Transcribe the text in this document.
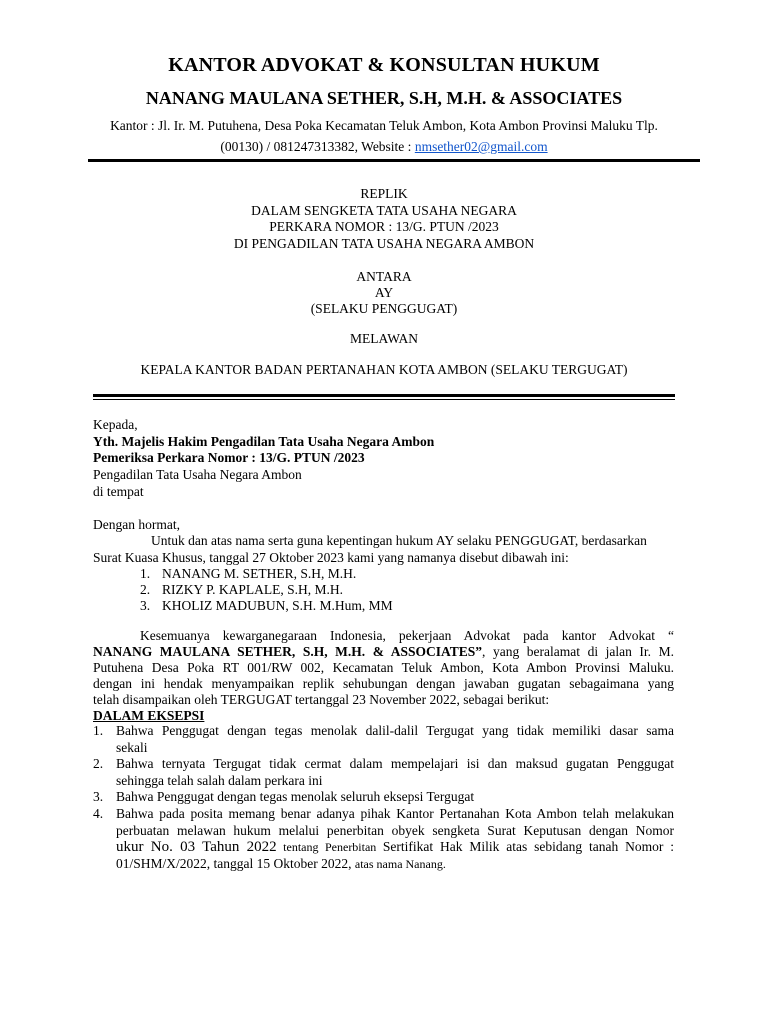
KANTOR ADVOKAT & KONSULTAN HUKUM
NANANG MAULANA SETHER, S.H, M.H. & ASSOCIATES
Kantor : Jl. Ir. M. Putuhena, Desa Poka Kecamatan Teluk Ambon, Kota Ambon Provinsi Maluku Tlp.
(00130) / 081247313382, Website : nmsether02@gmail.com
REPLIK
DALAM SENGKETA TATA USAHA NEGARA
PERKARA NOMOR : 13/G. PTUN /2023
DI PENGADILAN TATA USAHA NEGARA AMBON
ANTARA
AY
(SELAKU PENGGUGAT)
MELAWAN
KEPALA KANTOR BADAN PERTANAHAN KOTA AMBON (SELAKU TERGUGAT)
Kepada,
Yth. Majelis Hakim Pengadilan Tata Usaha Negara Ambon
Pemeriksa Perkara Nomor : 13/G. PTUN /2023
Pengadilan Tata Usaha Negara Ambon
di tempat
Dengan hormat,
Untuk dan atas nama serta guna kepentingan hukum AY selaku PENGGUGAT, berdasarkan
Surat Kuasa Khusus, tanggal 27 Oktober 2023 kami yang namanya disebut dibawah ini:
1. NANANG M. SETHER, S.H, M.H.
2. RIZKY P. KAPLALE, S.H, M.H.
3. KHOLIZ MADUBUN, S.H. M.Hum, MM
Kesemuanya kewarganegaraan Indonesia, pekerjaan Advokat pada kantor Advokat “
NANANG MAULANA SETHER, S.H, M.H. & ASSOCIATES”, yang beralamat di jalan Ir. M.
Putuhena Desa Poka RT 001/RW 002, Kecamatan Teluk Ambon, Kota Ambon Provinsi Maluku.
dengan ini hendak menyampaikan replik sehubungan dengan jawaban gugatan sebagaimana yang
telah disampaikan oleh TERGUGAT tertanggal 23 November 2022, sebagai berikut:
DALAM EKSEPSI
1. Bahwa Penggugat dengan tegas menolak dalil-dalil Tergugat yang tidak memiliki dasar sama
sekali
2. Bahwa ternyata Tergugat tidak cermat dalam mempelajari isi dan maksud gugatan Penggugat
sehingga telah salah dalam perkara ini
3. Bahwa Penggugat dengan tegas menolak seluruh eksepsi Tergugat
4. Bahwa pada posita memang benar adanya pihak Kantor Pertanahan Kota Ambon telah melakukan
perbuatan melawan hukum melalui penerbitan obyek sengketa Surat Keputusan dengan Nomor
ukur No. 03 Tahun 2022 tentang Penerbitan Sertifikat Hak Milik atas sebidang tanah Nomor :
01/SHM/X/2022, tanggal 15 Oktober 2022, atas nama Nanang.
